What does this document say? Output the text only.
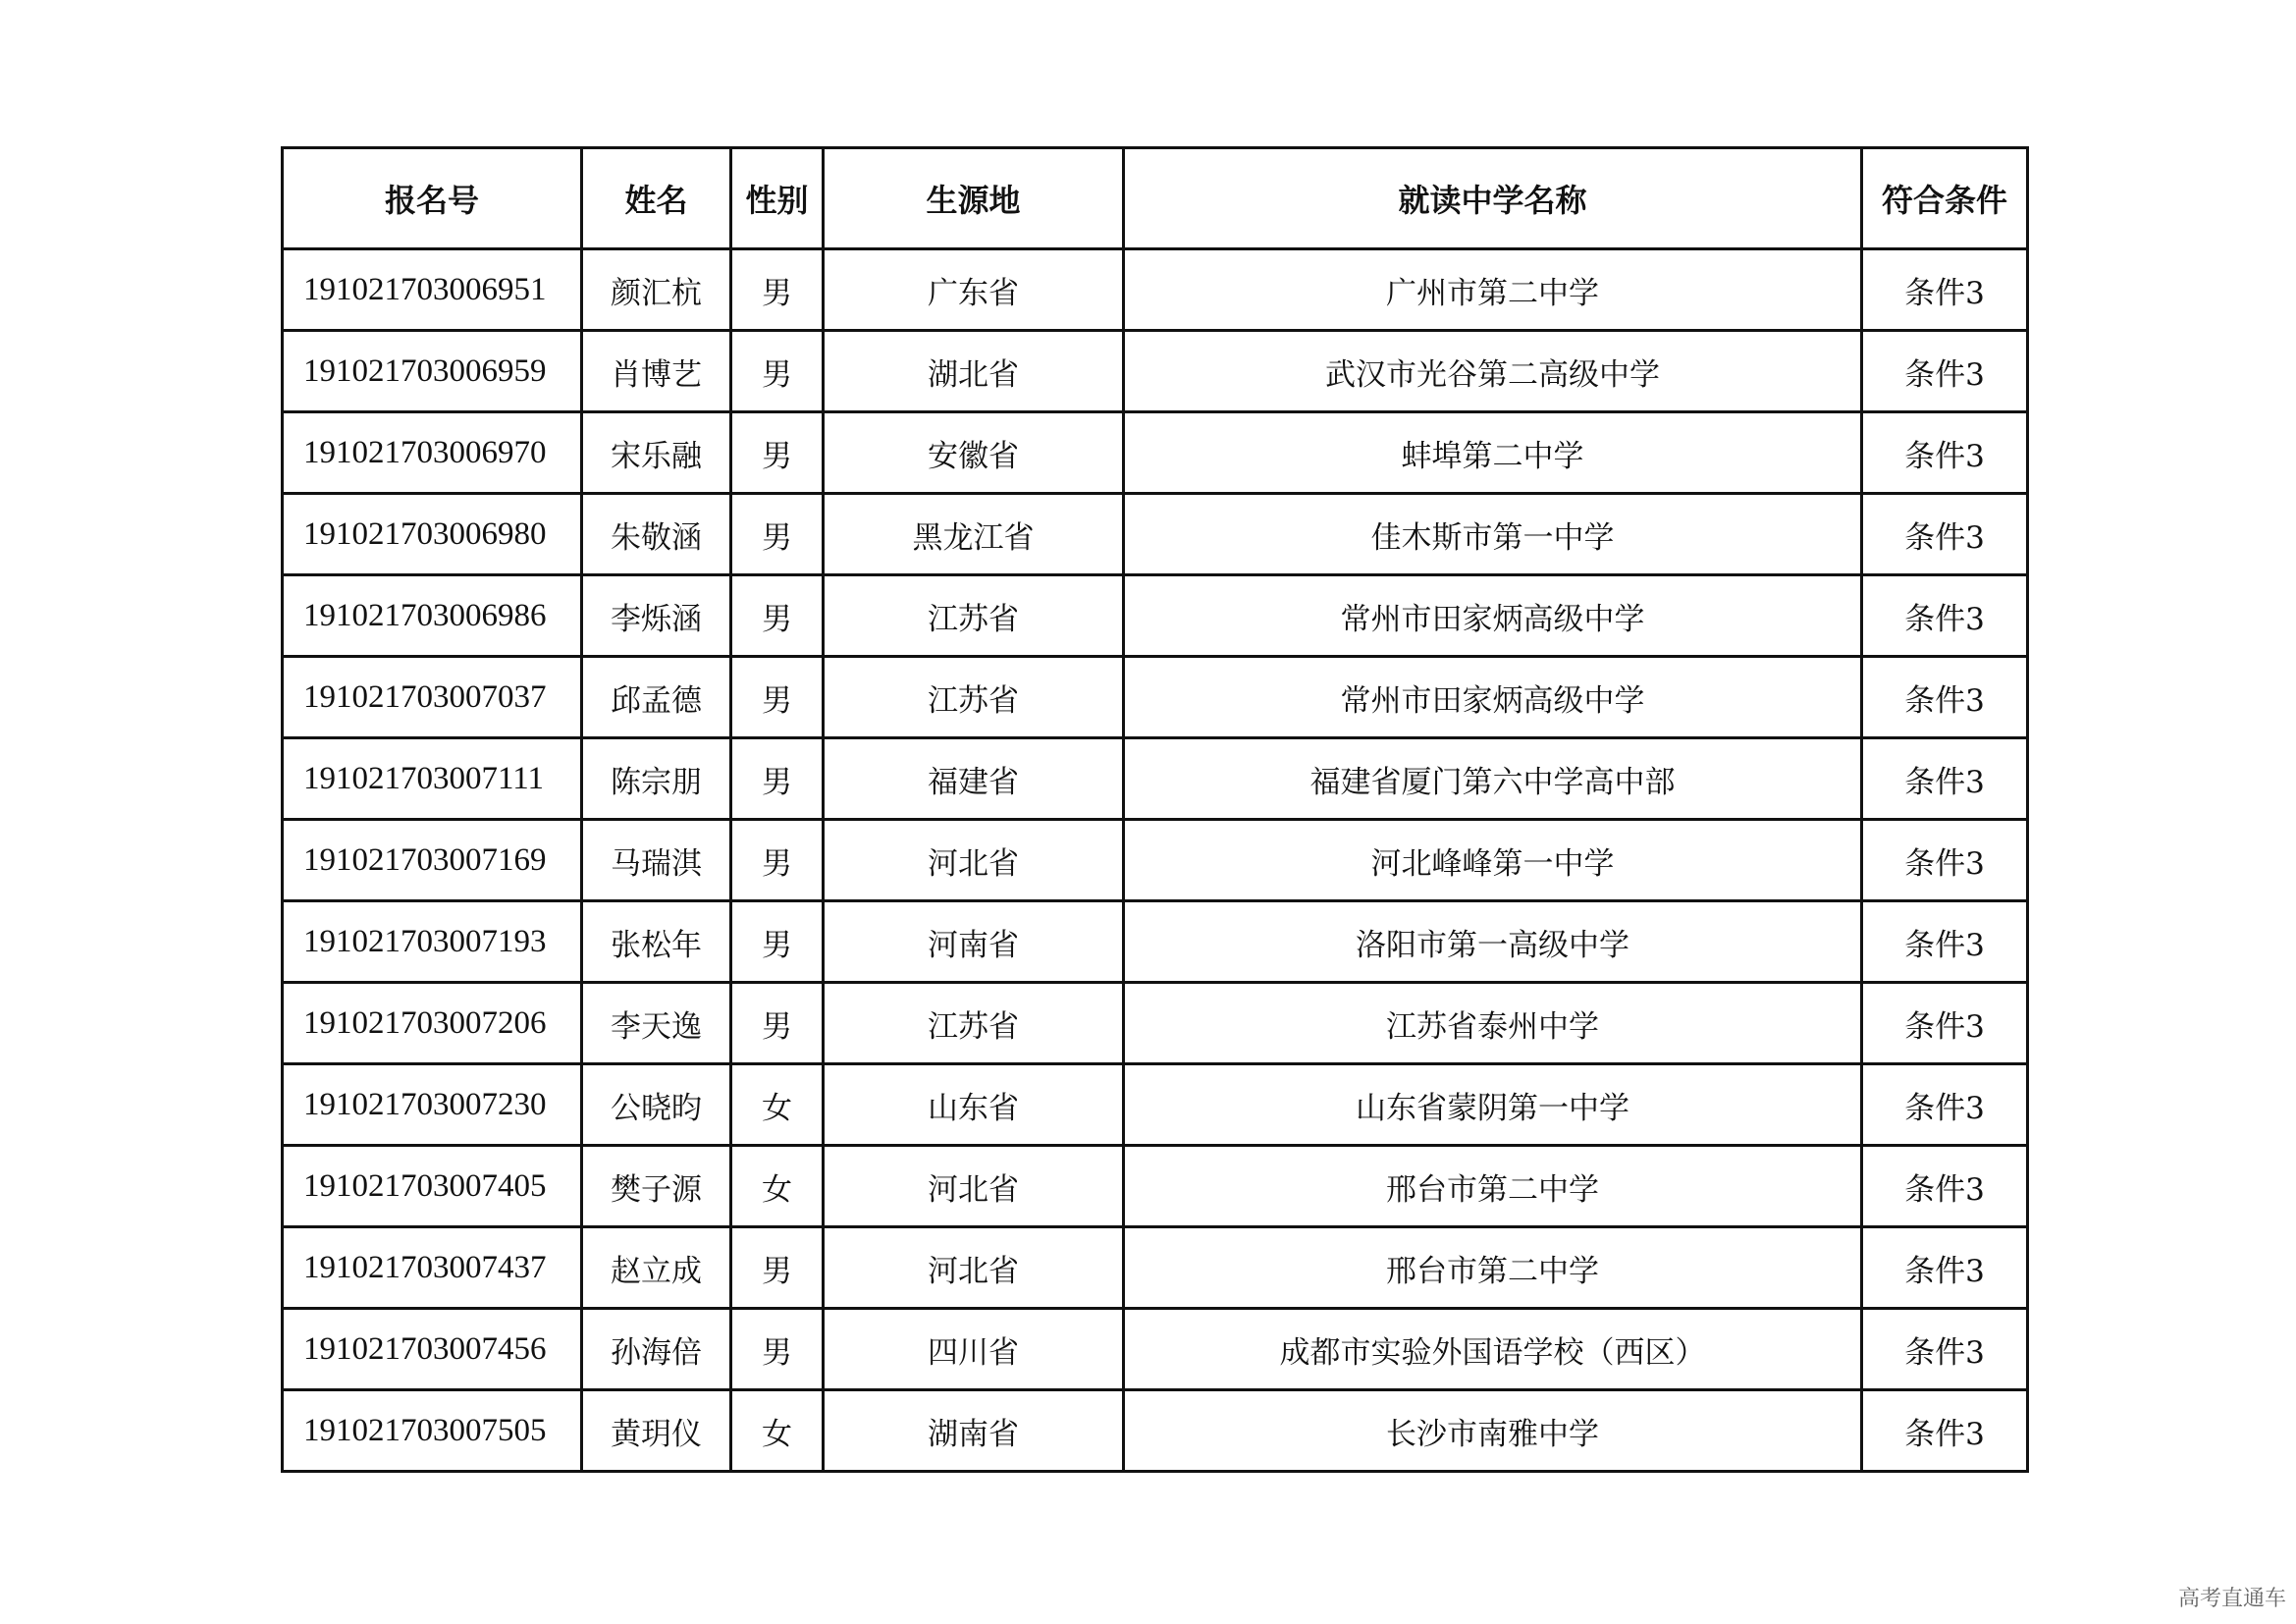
报名号	姓名	性别	生源地	就读中学名称	符合条件
191021703006951	颜汇杭	男	广东省	广州市第二中学	条件3
191021703006959	肖博艺	男	湖北省	武汉市光谷第二高级中学	条件3
191021703006970	宋乐融	男	安徽省	蚌埠第二中学	条件3
191021703006980	朱敬涵	男	黑龙江省	佳木斯市第一中学	条件3
191021703006986	李烁涵	男	江苏省	常州市田家炳高级中学	条件3
191021703007037	邱孟德	男	江苏省	常州市田家炳高级中学	条件3
191021703007111	陈宗朋	男	福建省	福建省厦门第六中学高中部	条件3
191021703007169	马瑞淇	男	河北省	河北峰峰第一中学	条件3
191021703007193	张松年	男	河南省	洛阳市第一高级中学	条件3
191021703007206	李天逸	男	江苏省	江苏省泰州中学	条件3
191021703007230	公晓昀	女	山东省	山东省蒙阴第一中学	条件3
191021703007405	樊子源	女	河北省	邢台市第二中学	条件3
191021703007437	赵立成	男	河北省	邢台市第二中学	条件3
191021703007456	孙海倍	男	四川省	成都市实验外国语学校（西区）	条件3
191021703007505	黄玥仪	女	湖南省	长沙市南雅中学	条件3
高考直通车
